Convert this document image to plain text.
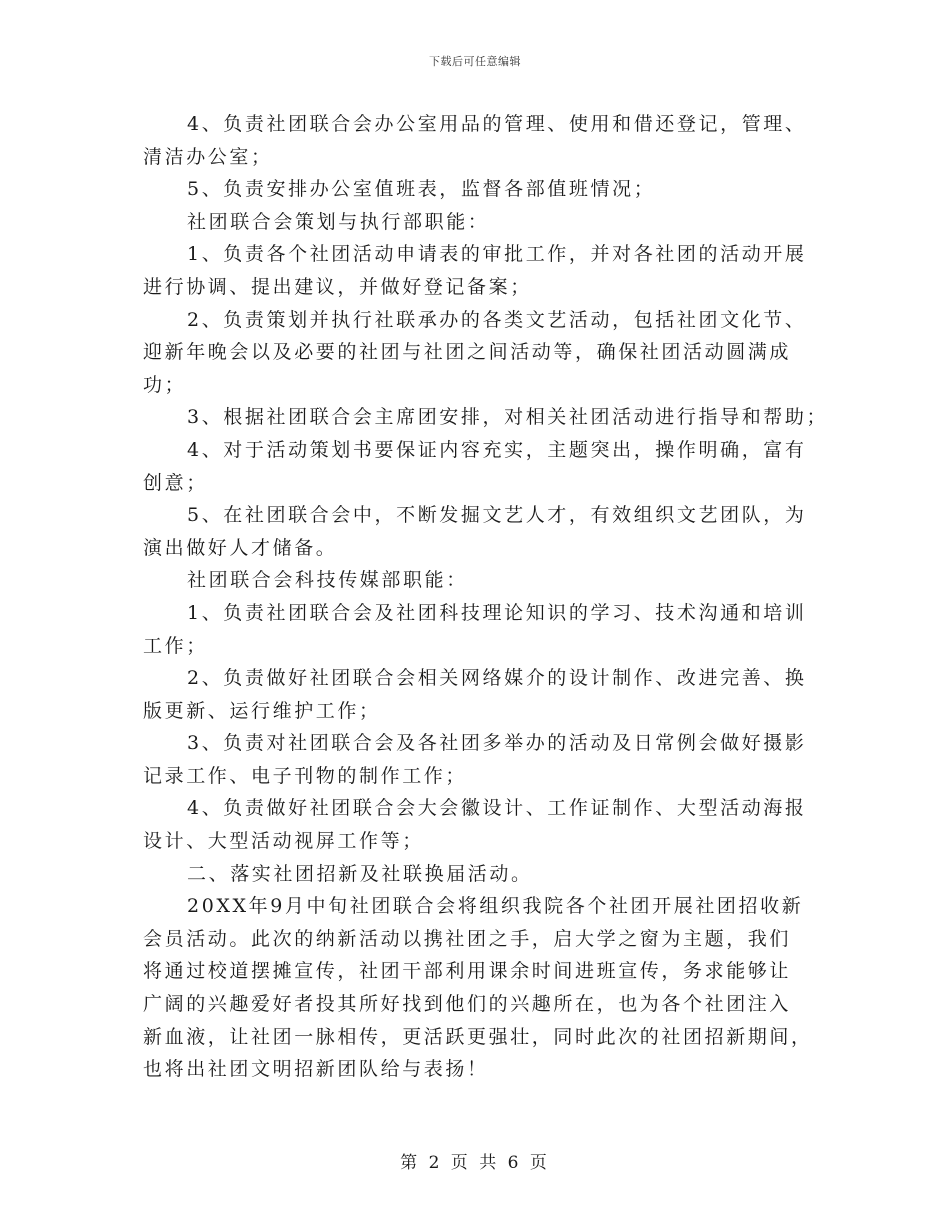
下载后可任意编辑
4、负责社团联合会办公室用品的管理、使用和借还登记，管理、
清洁办公室；
5、负责安排办公室值班表，监督各部值班情况；
社团联合会策划与执行部职能：
1、负责各个社团活动申请表的审批工作，并对各社团的活动开展
进行协调、提出建议，并做好登记备案；
2、负责策划并执行社联承办的各类文艺活动，包括社团文化节、
迎新年晚会以及必要的社团与社团之间活动等，确保社团活动圆满成
功；
3、根据社团联合会主席团安排，对相关社团活动进行指导和帮助；
4、对于活动策划书要保证内容充实，主题突出，操作明确，富有
创意；
5、在社团联合会中，不断发掘文艺人才，有效组织文艺团队，为
演出做好人才储备。
社团联合会科技传媒部职能：
1、负责社团联合会及社团科技理论知识的学习、技术沟通和培训
工作；
2、负责做好社团联合会相关网络媒介的设计制作、改进完善、换
版更新、运行维护工作；
3、负责对社团联合会及各社团多举办的活动及日常例会做好摄影
记录工作、电子刊物的制作工作；
4、负责做好社团联合会大会徽设计、工作证制作、大型活动海报
设计、大型活动视屏工作等；
二、落实社团招新及社联换届活动。
20XX年9月中旬社团联合会将组织我院各个社团开展社团招收新
会员活动。此次的纳新活动以携社团之手，启大学之窗为主题，我们
将通过校道摆摊宣传，社团干部利用课余时间进班宣传，务求能够让
广阔的兴趣爱好者投其所好找到他们的兴趣所在，也为各个社团注入
新血液，让社团一脉相传，更活跃更强壮，同时此次的社团招新期间，
也将出社团文明招新团队给与表扬！
第 2 页 共 6 页
